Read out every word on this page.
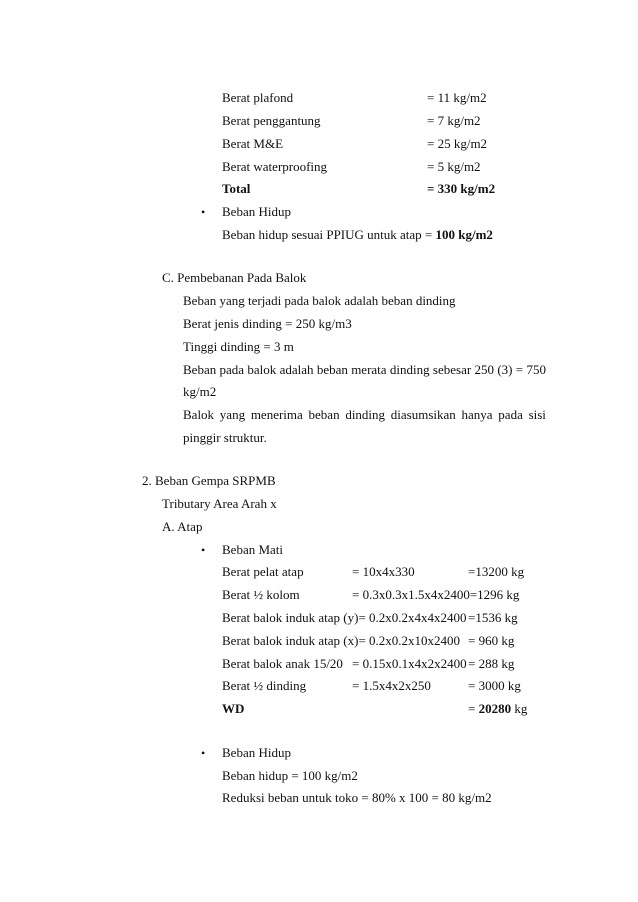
Berat plafond	= 11 kg/m2
Berat penggantung	= 7 kg/m2
Berat M&E	= 25 kg/m2
Berat waterproofing	= 5 kg/m2
Total	= 330 kg/m2
• Beban Hidup
Beban hidup sesuai PPIUG untuk atap = 100 kg/m2
C. Pembebanan Pada Balok
Beban yang terjadi pada balok adalah beban dinding
Berat jenis dinding = 250 kg/m3
Tinggi dinding = 3 m
Beban pada balok adalah beban merata dinding sebesar 250 (3) = 750
kg/m2
Balok yang menerima beban dinding diasumsikan hanya pada sisi
pinggir struktur.
2. Beban Gempa SRPMB
Tributary Area Arah x
A. Atap
• Beban Mati
Berat pelat atap	= 10x4x330	=13200 kg
Berat ½ kolom	= 0.3x0.3x1.5x4x2400=1296 kg
Berat balok induk atap (y)= 0.2x0.2x4x4x2400 =1536 kg
Berat balok induk atap (x)= 0.2x0.2x10x2400 = 960 kg
Berat balok anak 15/20 = 0.15x0.1x4x2x2400 = 288 kg
Berat ½ dinding	= 1.5x4x2x250	= 3000 kg
WD	= 20280 kg
• Beban Hidup
Beban hidup = 100 kg/m2
Reduksi beban untuk toko = 80% x 100 = 80 kg/m2
